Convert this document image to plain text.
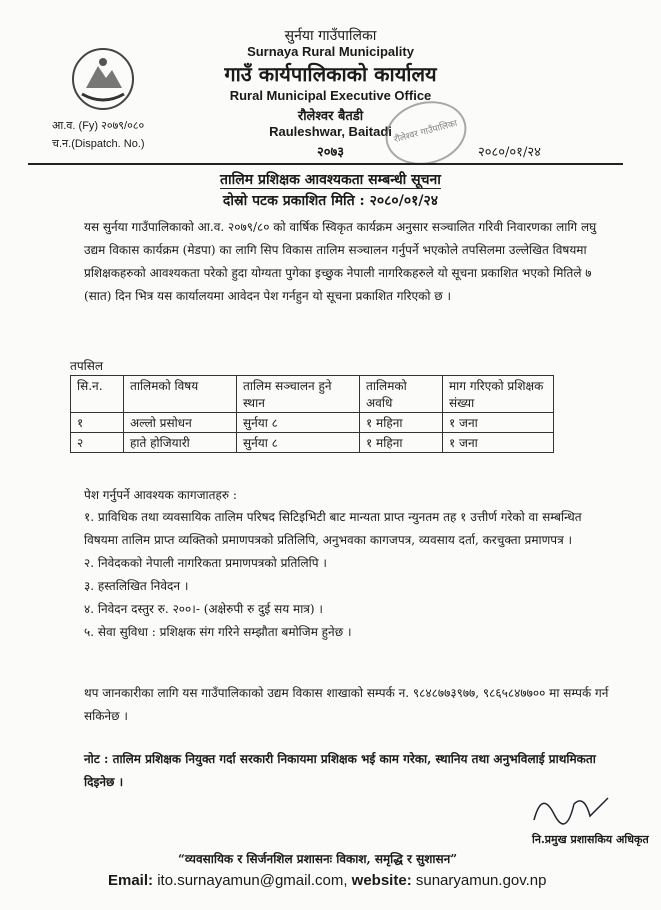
सुर्नया गाउँपालिका
Surnaya Rural Municipality
गाउँ कार्यपालिकाको कार्यालय
Rural Municipal Executive Office
रौलेश्वर बैतडी
Rauleshwar, Baitadi
२०७३
आ.व. (Fy) २०७९/०८०
च.न.(Dispatch. No.)
२०८०/०१/२४
रौलेश्वर गाउँपालिका
तालिम प्रशिक्षक आवश्यकता सम्बन्धी सूचना
दोस्रो पटक प्रकाशित मिति : २०८०/०१/२४
यस सुर्नया गाउँपालिकाको आ.व. २०७९/८० को वार्षिक स्विकृत कार्यक्रम अनुसार सञ्चालित गरिवी निवारणका लागि लघु उद्यम विकास कार्यक्रम (मेडपा) का लागि सिप विकास तालिम सञ्चालन गर्नुपर्ने भएकोले तपसिलमा उल्लेखित विषयमा प्रशिक्षकहरुको आवश्यकता परेको हुदा योग्यता पुगेका इच्छुक नेपाली नागरिकहरुले यो सूचना प्रकाशित भएको मितिले ७ (सात) दिन भित्र यस कार्यालयमा आवेदन पेश गर्नहुन यो सूचना प्रकाशित गरिएको छ ।
तपसिल
सि.न.	तालिमको विषय	तालिम सञ्चालन हुने स्थान	तालिमको अवधि	माग गरिएको प्रशिक्षक संख्या
१	अल्लो प्रसोधन	सुर्नया ८	१ महिना	१ जना
२	हाते होजियारी	सुर्नया ८	१ महिना	१ जना
पेश गर्नुपर्ने आवश्यक कागजातहरु :
१. प्राविधिक तथा व्यवसायिक तालिम परिषद सिटिइभिटी बाट मान्यता प्राप्त न्युनतम तह १ उत्तीर्ण गरेको वा सम्बन्धित विषयमा तालिम प्राप्त व्यक्तिको प्रमाणपत्रको प्रतिलिपि, अनुभवका कागजपत्र, व्यवसाय दर्ता, करचुक्ता प्रमाणपत्र ।
२. निवेदकको नेपाली नागरिकता प्रमाणपत्रको प्रतिलिपि ।
३. हस्तलिखित निवेदन ।
४. निवेदन दस्तुर रु. २००।- (अक्षेरुपी रु दुई सय मात्र) ।
५. सेवा सुविधा : प्रशिक्षक संग गरिने सम्झौता बमोजिम हुनेछ ।
थप जानकारीका लागि यस गाउँपालिकाको उद्यम विकास शाखाको सम्पर्क न. ९८४८७७३९७७, ९८६५८४७७०० मा सम्पर्क गर्न सकिनेछ ।
नोट : तालिम प्रशिक्षक नियुक्त गर्दा सरकारी निकायमा प्रशिक्षक भई काम गरेका, स्थानिय तथा अनुभविलाई प्राथमिकता दिइनेछ ।
नि.प्रमुख प्रशासकिय अधिकृत
“व्यवसायिक र सिर्जनशिल प्रशासनः विकाश, समृद्धि र सुशासन”
Email: ito.surnayamun@gmail.com, website: sunaryamun.gov.np
